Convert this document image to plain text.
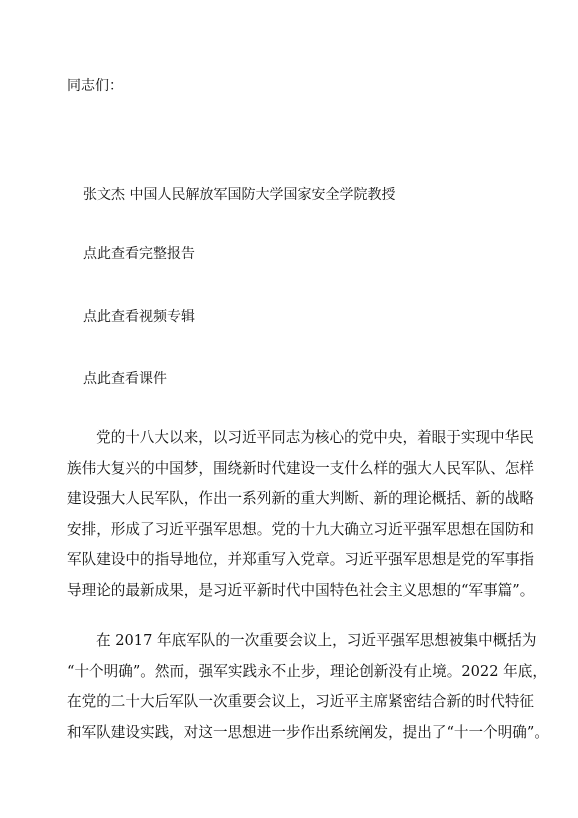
同志们：
张文杰 中国人民解放军国防大学国家安全学院教授
点此查看完整报告
点此查看视频专辑
点此查看课件
党的十八大以来，以习近平同志为核心的党中央，着眼于实现中华民
族伟大复兴的中国梦，围绕新时代建设一支什么样的强大人民军队、怎样
建设强大人民军队，作出一系列新的重大判断、新的理论概括、新的战略
安排，形成了习近平强军思想。党的十九大确立习近平强军思想在国防和
军队建设中的指导地位，并郑重写入党章。习近平强军思想是党的军事指
导理论的最新成果，是习近平新时代中国特色社会主义思想的“军事篇”。
在 2017 年底军队的一次重要会议上，习近平强军思想被集中概括为
“十个明确”。然而，强军实践永不止步，理论创新没有止境。2022 年底，
在党的二十大后军队一次重要会议上，习近平主席紧密结合新的时代特征
和军队建设实践，对这一思想进一步作出系统阐发，提出了“十一个明确”。
